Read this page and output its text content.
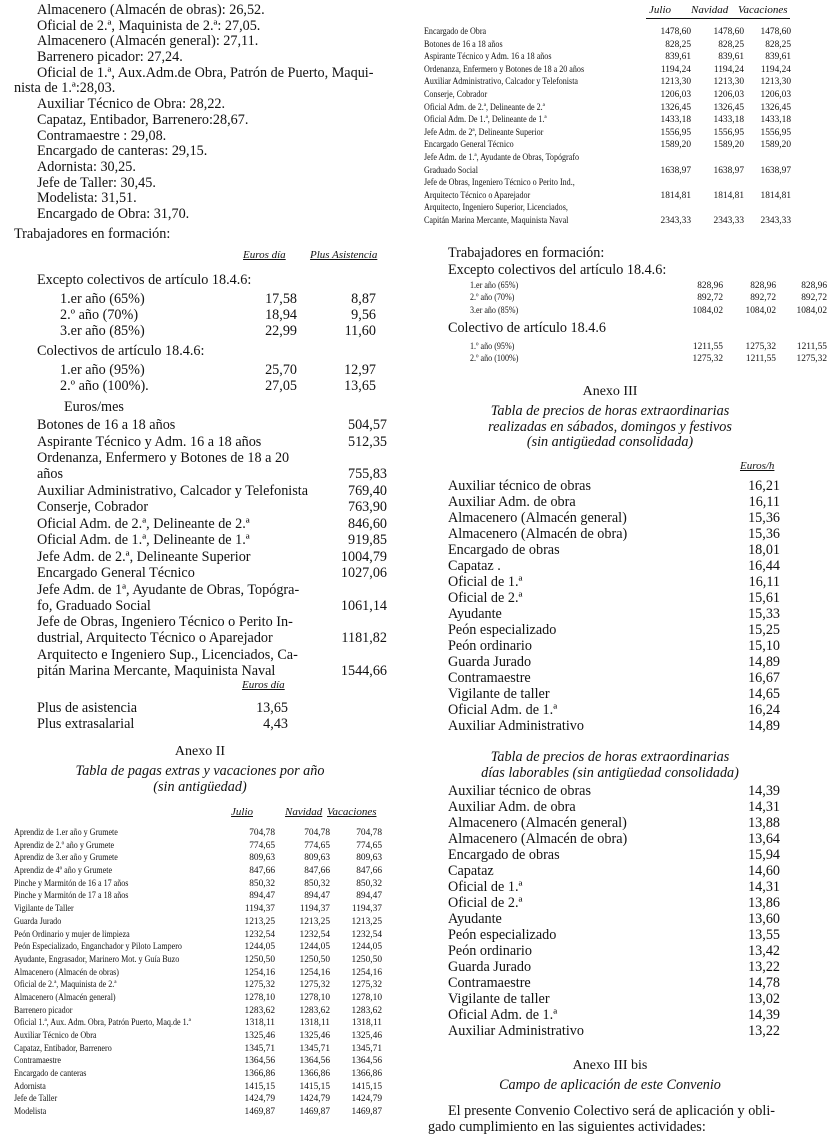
Almacenero (Almacén de obras): 26,52.
Oficial de 2.ª, Maquinista de 2.ª: 27,05.
Almacenero (Almacén general): 27,11.
Barrenero picador: 27,24.
Oficial de 1.ª, Aux.Adm.de Obra, Patrón de Puerto, Maqui-
nista de 1.ª:28,03.
Auxiliar Técnico de Obra: 28,22.
Capataz, Entibador, Barrenero:28,67.
Contramaestre : 29,08.
Encargado de canteras: 29,15.
Adornista: 30,25.
Jefe de Taller: 30,45.
Modelista: 31,51.
Encargado de Obra: 31,70.
Trabajadores en formación:
Euros día Plus Asistencia
Excepto colectivos de artículo 18.4.6:
1.er año (65%)	17,58	8,87
2.º año (70%)	18,94	9,56
3.er año (85%)	22,99	11,60
Colectivos de artículo 18.4.6:
1.er año (95%)	25,70	12,97
2.º año (100%).	27,05	13,65
Euros/mes
Botones de 16 a 18 años	504,57
Aspirante Técnico y Adm. 16 a 18 años	512,35
Ordenanza, Enfermero y Botones de 18 a 20
años	755,83
Auxiliar Administrativo, Calcador y Telefonista	769,40
Conserje, Cobrador	763,90
Oficial Adm. de 2.ª, Delineante de 2.ª	846,60
Oficial Adm. de 1.ª, Delineante de 1.ª	919,85
Jefe Adm. de 2.ª, Delineante Superior	1004,79
Encargado General Técnico	1027,06
Jefe Adm. de 1ª, Ayudante de Obras, Topógra-
fo, Graduado Social	1061,14
Jefe de Obras, Ingeniero Técnico o Perito In-
dustrial, Arquitecto Técnico o Aparejador	1181,82
Arquitecto e Ingeniero Sup., Licenciados, Ca-
pitán Marina Mercante, Maquinista Naval	1544,66
Euros día
Plus de asistencia	13,65
Plus extrasalarial	4,43
Anexo II
Tabla de pagas extras y vacaciones por año
(sin antigüedad)
Julio	Navidad Vacaciones
Aprendiz de 1.er año y Grumete	704,78	704,78	704,78
Aprendiz de 2.º año y Grumete	774,65	774,65	774,65
Aprendiz de 3.er año y Grumete	809,63	809,63	809,63
Aprendiz de 4º año y Grumete	847,66	847,66	847,66
Pinche y Marmitón de 16 a 17 años	850,32	850,32	850,32
Pinche y Marmitón de 17 a 18 años	894,47	894,47	894,47
Vigilante de Taller	1194,37	1194,37 1194,37
Guarda Jurado	1213,25	1213,25 1213,25
Peón Ordinario y mujer de limpieza	1232,54	1232,54 1232,54
Peón Especializado, Enganchador y Piloto Lampero	1244,05	1244,05 1244,05
Ayudante, Engrasador, Marinero Mot. y Guía Buzo	1250,50	1250,50 1250,50
Almacenero (Almacén de obras)	1254,16	1254,16 1254,16
Oficial de 2.ª, Maquinista de 2.ª	1275,32	1275,32 1275,32
Almacenero (Almacén general)	1278,10	1278,10 1278,10
Barrenero picador	1283,62	1283,62 1283,62
Oficial 1.ª, Aux. Adm. Obra, Patrón Puerto, Maq.de 1.ª	1318,11	1318,11 1318,11
Auxiliar Técnico de Obra	1325,46	1325,46 1325,46
Capataz, Entibador, Barrenero	1345,71	1345,71 1345,71
Contramaestre	1364,56	1364,56 1364,56
Encargado de canteras	1366,86	1366,86 1366,86
Adornista	1415,15	1415,15 1415,15
Jefe de Taller	1424,79	1424,79 1424,79
Modelista	1469,87	1469,87 1469,87
Julio Navidad Vacaciones
Encargado de Obra	1478,60 1478,60 1478,60
Botones de 16 a 18 años	828,25	828,25 828,25
Aspirante Técnico y Adm. 16 a 18 años	839,61	839,61 839,61
Ordenanza, Enfermero y Botones de 18 a 20 años	1194,24 1194,24 1194,24
Auxiliar Administrativo, Calcador y Telefonista	1213,30 1213,30 1213,30
Conserje, Cobrador	1206,03 1206,03 1206,03
Oficial Adm. de 2.ª, Delineante de 2.ª	1326,45 1326,45 1326,45
Oficial Adm. De 1.ª, Delineante de 1.ª	1433,18 1433,18 1433,18
Jefe Adm. de 2ª, Delineante Superior	1556,95 1556,95 1556,95
Encargado General Técnico	1589,20 1589,20 1589,20
Jefe Adm. de 1.ª, Ayudante de Obras, Topógrafo
Graduado Social	1638,97 1638,97 1638,97
Jefe de Obras, Ingeniero Técnico o Perito Ind.,
Arquitecto Técnico o Aparejador	1814,81 1814,81 1814,81
Arquitecto, Ingeniero Superior, Licenciados,
Capitán Marina Mercante, Maquinista Naval	2343,33 2343,33 2343,33
Trabajadores en formación:
Excepto colectivos del artículo 18.4.6:
1.er año (65%)	828,96	828,96	828,96
2.º año (70%)	892,72	892,72	892,72
3.er año (85%)	1084,02 1084,02 1084,02
Colectivo de artículo 18.4.6
1.º año (95%)	1211,55 1275,32 1211,55
2.º año (100%)	1275,32 1211,55 1275,32
Anexo III
Tabla de precios de horas extraordinarias
realizadas en sábados, domingos y festivos
(sin antigüedad consolidada)
Euros/h
Auxiliar técnico de obras	16,21
Auxiliar Adm. de obra	16,11
Almacenero (Almacén general)	15,36
Almacenero (Almacén de obra)	15,36
Encargado de obras	18,01
Capataz .	16,44
Oficial de 1.ª	16,11
Oficial de 2.ª	15,61
Ayudante	15,33
Peón especializado	15,25
Peón ordinario	15,10
Guarda Jurado	14,89
Contramaestre	16,67
Vigilante de taller	14,65
Oficial Adm. de 1.ª	16,24
Auxiliar Administrativo	14,89
Tabla de precios de horas extraordinarias
días laborables (sin antigüedad consolidada)
Auxiliar técnico de obras	14,39
Auxiliar Adm. de obra	14,31
Almacenero (Almacén general)	13,88
Almacenero (Almacén de obra)	13,64
Encargado de obras	15,94
Capataz	14,60
Oficial de 1.ª	14,31
Oficial de 2.ª	13,86
Ayudante	13,60
Peón especializado	13,55
Peón ordinario	13,42
Guarda Jurado	13,22
Contramaestre	14,78
Vigilante de taller	13,02
Oficial Adm. de 1.ª	14,39
Auxiliar Administrativo	13,22
Anexo III bis
Campo de aplicación de este Convenio
El presente Convenio Colectivo será de aplicación y obli-
gado cumplimiento en las siguientes actividades:
